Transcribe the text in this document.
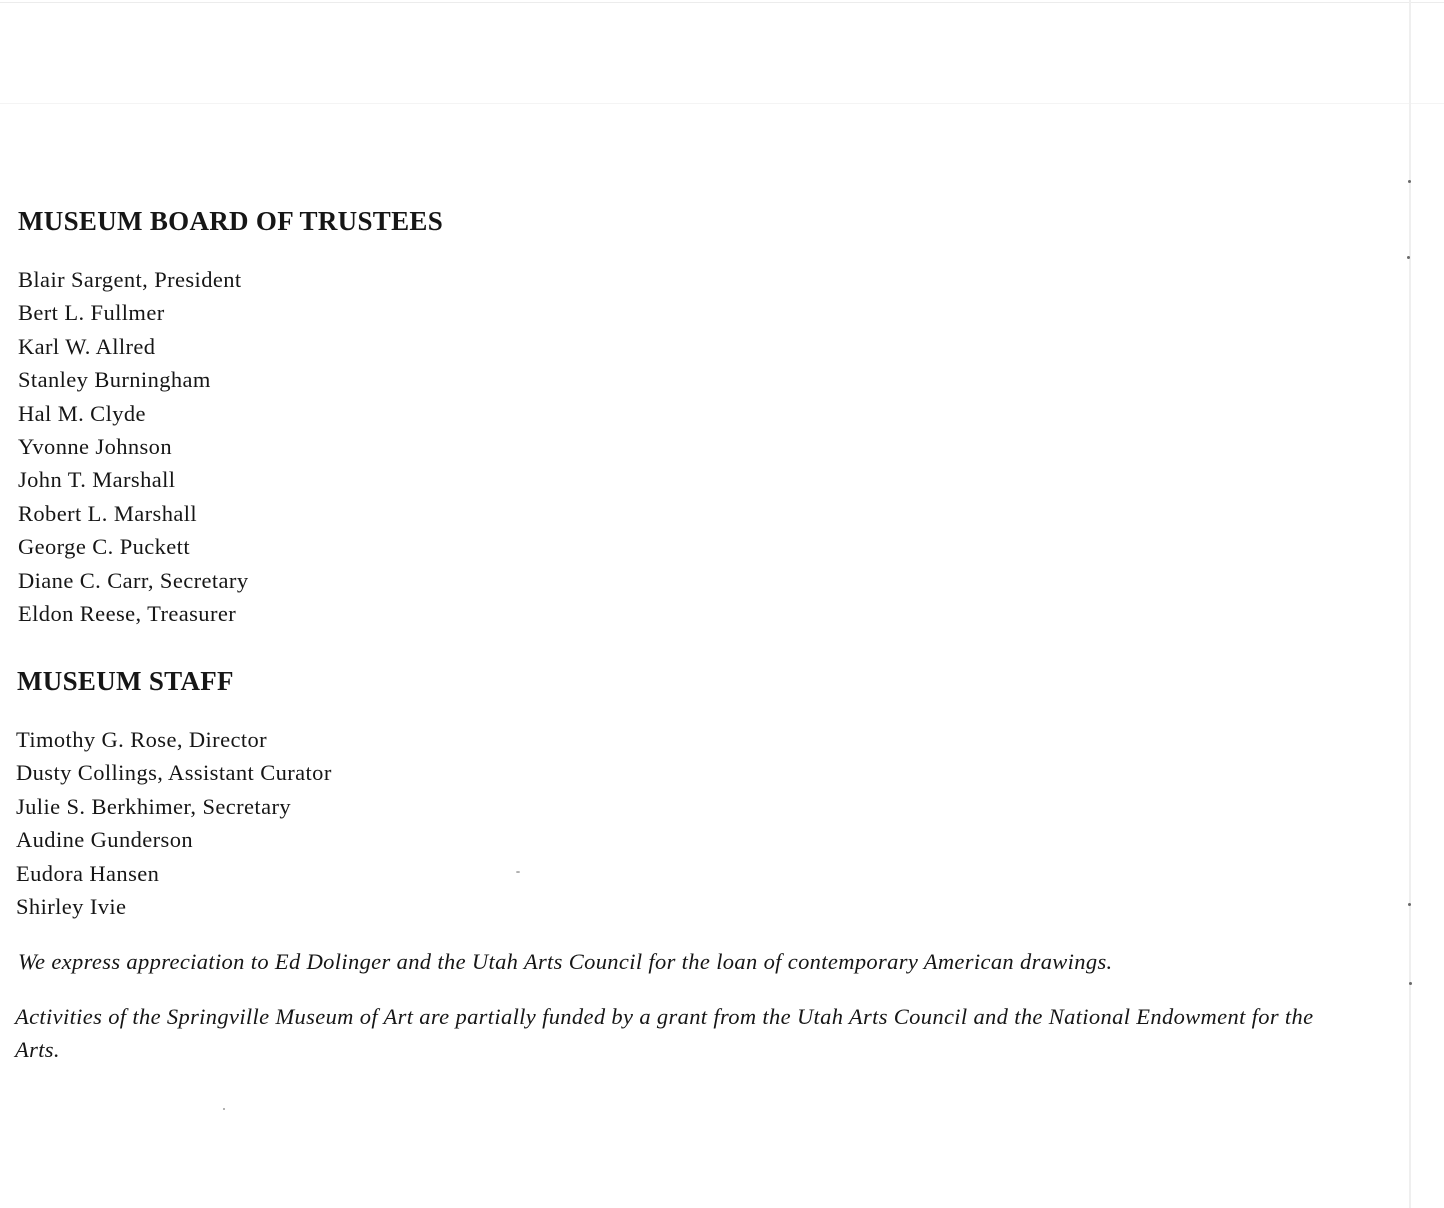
MUSEUM BOARD OF TRUSTEES
Blair Sargent, President
Bert L. Fullmer
Karl W. Allred
Stanley Burningham
Hal M. Clyde
Yvonne Johnson
John T. Marshall
Robert L. Marshall
George C. Puckett
Diane C. Carr, Secretary
Eldon Reese, Treasurer
MUSEUM STAFF
Timothy G. Rose, Director
Dusty Collings, Assistant Curator
Julie S. Berkhimer, Secretary
Audine Gunderson
Eudora Hansen
Shirley Ivie

We express appreciation to Ed Dolinger and the Utah Arts Council for the loan of contemporary American drawings.

Activities of the Springville Museum of Art are partially funded by a grant from the Utah Arts Council and the National Endowment for the Arts.
